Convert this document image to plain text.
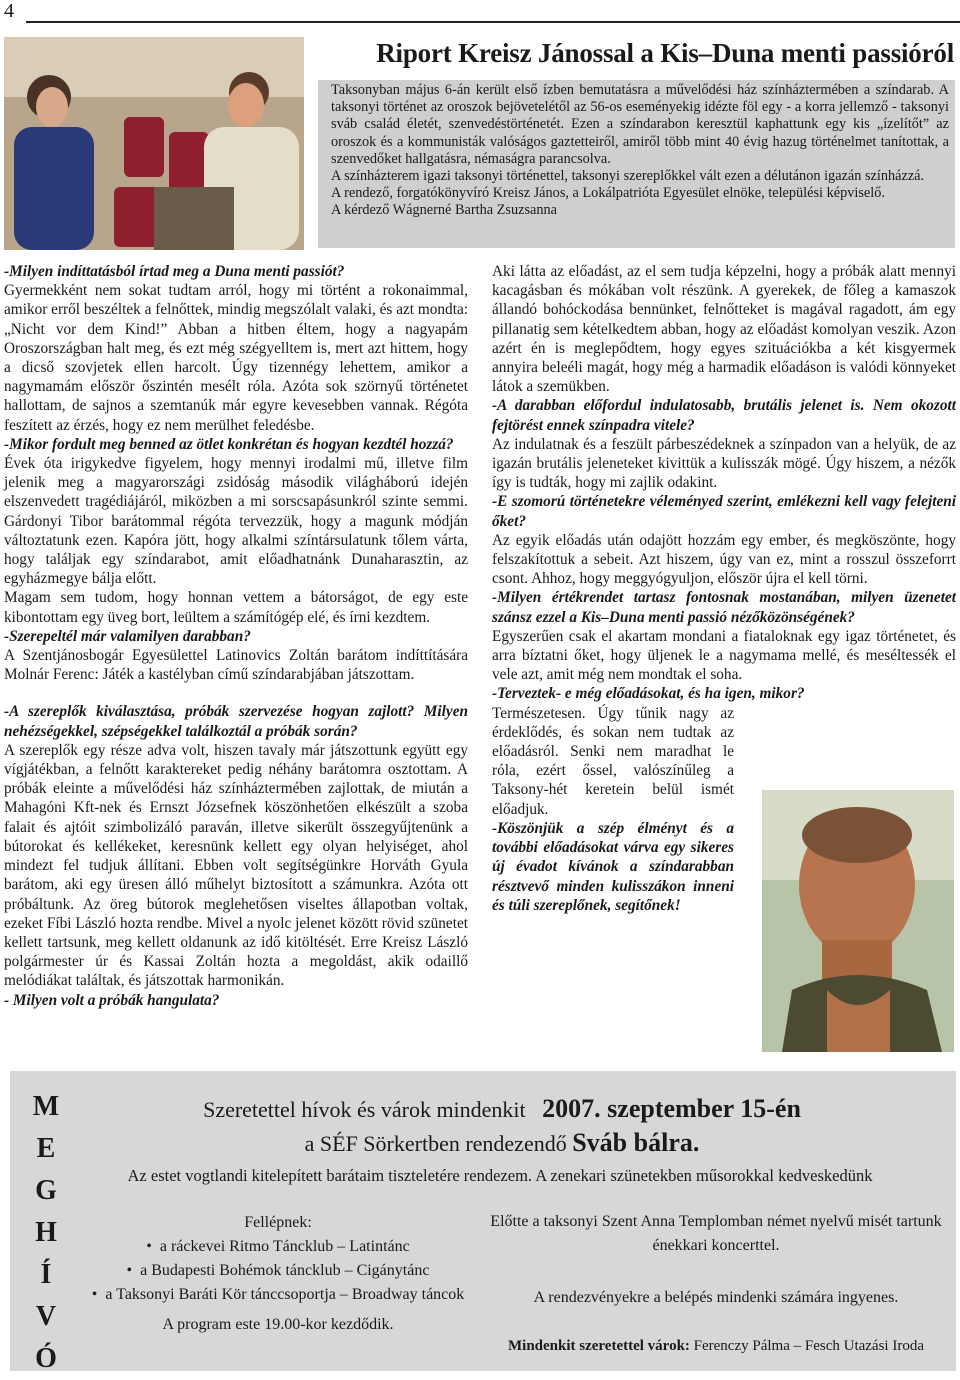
4
Riport Kreisz Jánossal a Kis–Duna menti passióról

Taksonyban május 6-án került első ízben bemutatásra a művelődési ház színháztermében a színdarab. A taksonyi történet az oroszok bejövetelétől az 56-os eseményekig idézte föl egy - a korra jellemző - taksonyi sváb család életét, szenvedéstörténetét. Ezen a színdarabon keresztül kaphattunk egy kis „ízelítőt” az oroszok és a kommunisták valóságos gaztetteiről, amiről több mint 40 évig hazug történelmet tanítottak, a szenvedőket hallgatásra, némaságra parancsolva.

A színházterem igazi taksonyi történettel, taksonyi szereplőkkel vált ezen a délutánon igazán színházzá.

A rendező, forgatókönyvíró Kreisz János, a Lokálpatrióta Egyesület elnöke, települési képviselő.

A kérdező Wágnerné Bartha Zsuzsanna

-Milyen indíttatásból írtad meg a Duna menti passiót?

Gyermekként nem sokat tudtam arról, hogy mi történt a rokonaimmal, amikor erről beszéltek a felnőttek, mindig megszólalt valaki, és azt mondta: „Nicht vor dem Kind!” Abban a hitben éltem, hogy a nagyapám Oroszországban halt meg, és ezt még szégyelltem is, mert azt hittem, hogy a dicső szovjetek ellen harcolt. Úgy tizennégy lehettem, amikor a nagymamám először őszintén mesélt róla. Azóta sok szörnyű történetet hallottam, de sajnos a szemtanúk már egyre kevesebben vannak. Régóta feszített az érzés, hogy ez nem merülhet feledésbe.

-Mikor fordult meg benned az ötlet konkrétan és hogyan kezdtél hozzá?

Évek óta irigykedve figyelem, hogy mennyi irodalmi mű, illetve film jelenik meg a magyarországi zsidóság második világháború idején elszenvedett tragédiájáról, miközben a mi sorscsapásunkról szinte semmi. Gárdonyi Tibor barátommal régóta tervezzük, hogy a magunk módján változtatunk ezen. Kapóra jött, hogy alkalmi színtársulatunk tőlem várta, hogy találjak egy színdarabot, amit előadhatnánk Dunaharasztin, az egyházmegye bálja előtt.

Magam sem tudom, hogy honnan vettem a bátorságot, de egy este kibontottam egy üveg bort, leültem a számítógép elé, és írni kezdtem.

-Szerepeltél már valamilyen darabban?

A Szentjánosbogár Egyesülettel Latinovics Zoltán barátom indíttítására Molnár Ferenc: Játék a kastélyban című színdarabjában játszottam.

-A szereplők kiválasztása, próbák szervezése hogyan zajlott? Milyen nehézségekkel, szépségekkel találkoztál a próbák során?

A szereplők egy része adva volt, hiszen tavaly már játszottunk együtt egy vígjátékban, a felnőtt karaktereket pedig néhány barátomra osztottam. A próbák eleinte a művelődési ház színháztermében zajlottak, de miután a Mahagóni Kft-nek és Ernszt Józsefnek köszönhetően elkészült a szoba falait és ajtóit szimbolizáló paraván, illetve sikerült összegyűjtenünk a bútorokat és kellékeket, keresnünk kellett egy olyan helyiséget, ahol mindezt fel tudjuk állítani. Ebben volt segítségünkre Horváth Gyula barátom, aki egy üresen álló műhelyt biztosított a számunkra. Azóta ott próbáltunk. Az öreg bútorok meglehetősen viseltes állapotban voltak, ezeket Fíbi László hozta rendbe. Mivel a nyolc jelenet között rövid szünetet kellett tartsunk, meg kellett oldanunk az idő kitöltését. Erre Kreisz László polgármester úr és Kassai Zoltán hozta a megoldást, akik odaillő melódiákat találtak, és játszottak harmonikán.

- Milyen volt a próbák hangulata?

Aki látta az előadást, az el sem tudja képzelni, hogy a próbák alatt mennyi kacagásban és mókában volt részünk. A gyerekek, de főleg a kamaszok állandó bohóckodása bennünket, felnőtteket is magával ragadott, ám egy pillanatig sem kételkedtem abban, hogy az előadást komolyan veszik. Azon azért én is meglepődtem, hogy egyes szituációkba a két kisgyermek annyira beleéli magát, hogy még a harmadik előadáson is valódi könnyeket látok a szemükben.

-A darabban előfordul indulatosabb, brutális jelenet is. Nem okozott fejtörést ennek színpadra vitele?

Az indulatnak és a feszült párbeszédeknek a színpadon van a helyük, de az igazán brutális jeleneteket kivittük a kulisszák mögé. Úgy hiszem, a nézők így is tudták, hogy mi zajlik odakint.

-E szomorú történetekre véleményed szerint, emlékezni kell vagy felejteni őket?

Az egyik előadás után odajött hozzám egy ember, és megköszönte, hogy felszakítottuk a sebeit. Azt hiszem, úgy van ez, mint a rosszul összeforrt csont. Ahhoz, hogy meggyógyuljon, először újra el kell törni.

-Milyen értékrendet tartasz fontosnak mostanában, milyen üzenetet szánsz ezzel a Kis–Duna menti passió nézőközönségének?

Egyszerűen csak el akartam mondani a fiataloknak egy igaz történetet, és arra bíztatni őket, hogy üljenek le a nagymama mellé, és meséltessék el vele azt, amit még nem mondtak el soha.

-Terveztek- e még előadásokat, és ha igen, mikor?

Természetesen. Úgy tűnik nagy az érdeklődés, és sokan nem tudtak az előadásról. Senki nem maradhat le róla, ezért őssel, valószínűleg a Taksony-hét keretein belül ismét előadjuk.

-Köszönjük a szép élményt és a további előadásokat várva egy sikeres új évadot kívánok a színdarabban résztvevő minden kulisszákon inneni és túli szereplőnek, segítőnek!

M
E
G
H
Í
V
Ó
Szeretettel hívok és várok mindenkit 2007. szeptember 15-én
a SÉF Sörkertben rendezendő Sváb bálra.
Az estet vogtlandi kitelepített barátaim tiszteletére rendezem. A zenekari szünetekben műsorokkal kedveskedünk
Fellépnek:
•  a ráckevei Ritmo Táncklub – Latintánc
•  a Budapesti Bohémok táncklub – Cigánytánc
•  a Taksonyi Baráti Kör tánccsoportja – Broadway táncok
A program este 19.00-kor kezdődik.
Előtte a taksonyi Szent Anna Templomban német nyelvű misét tartunk énekkari koncerttel.
A rendezvényekre a belépés mindenki számára ingyenes.
Mindenkit szeretettel várok: Ferenczy Pálma – Fesch Utazási Iroda
